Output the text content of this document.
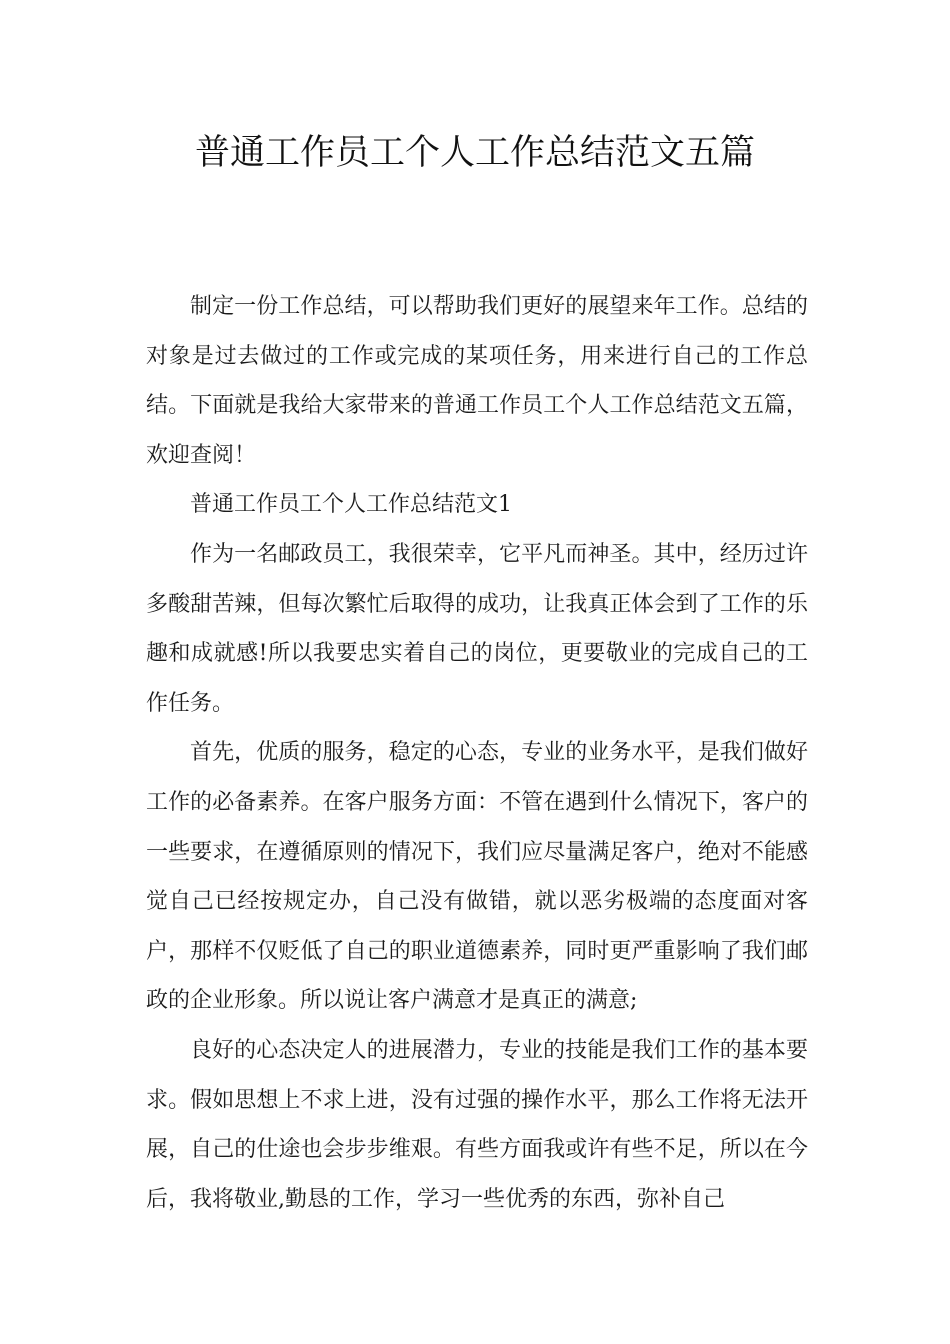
普通工作员工个人工作总结范文五篇

制定一份工作总结，可以帮助我们更好的展望来年工作。总结的对象是过去做过的工作或完成的某项任务，用来进行自己的工作总结。下面就是我给大家带来的普通工作员工个人工作总结范文五篇，欢迎查阅！

普通工作员工个人工作总结范文1

作为一名邮政员工，我很荣幸，它平凡而神圣。其中，经历过许多酸甜苦辣，但每次繁忙后取得的成功，让我真正体会到了工作的乐趣和成就感!所以我要忠实着自己的岗位，更要敬业的完成自己的工作任务。

首先，优质的服务，稳定的心态，专业的业务水平，是我们做好工作的必备素养。在客户服务方面：不管在遇到什么情况下，客户的一些要求，在遵循原则的情况下，我们应尽量满足客户，绝对不能感觉自己已经按规定办，自己没有做错，就以恶劣极端的态度面对客户，那样不仅贬低了自己的职业道德素养，同时更严重影响了我们邮政的企业形象。所以说让客户满意才是真正的满意;

良好的心态决定人的进展潜力，专业的技能是我们工作的基本要求。假如思想上不求上进，没有过强的操作水平，那么工作将无法开展，自己的仕途也会步步维艰。有些方面我或许有些不足，所以在今后，我将敬业,勤恳的工作，学习一些优秀的东西，弥补自己
